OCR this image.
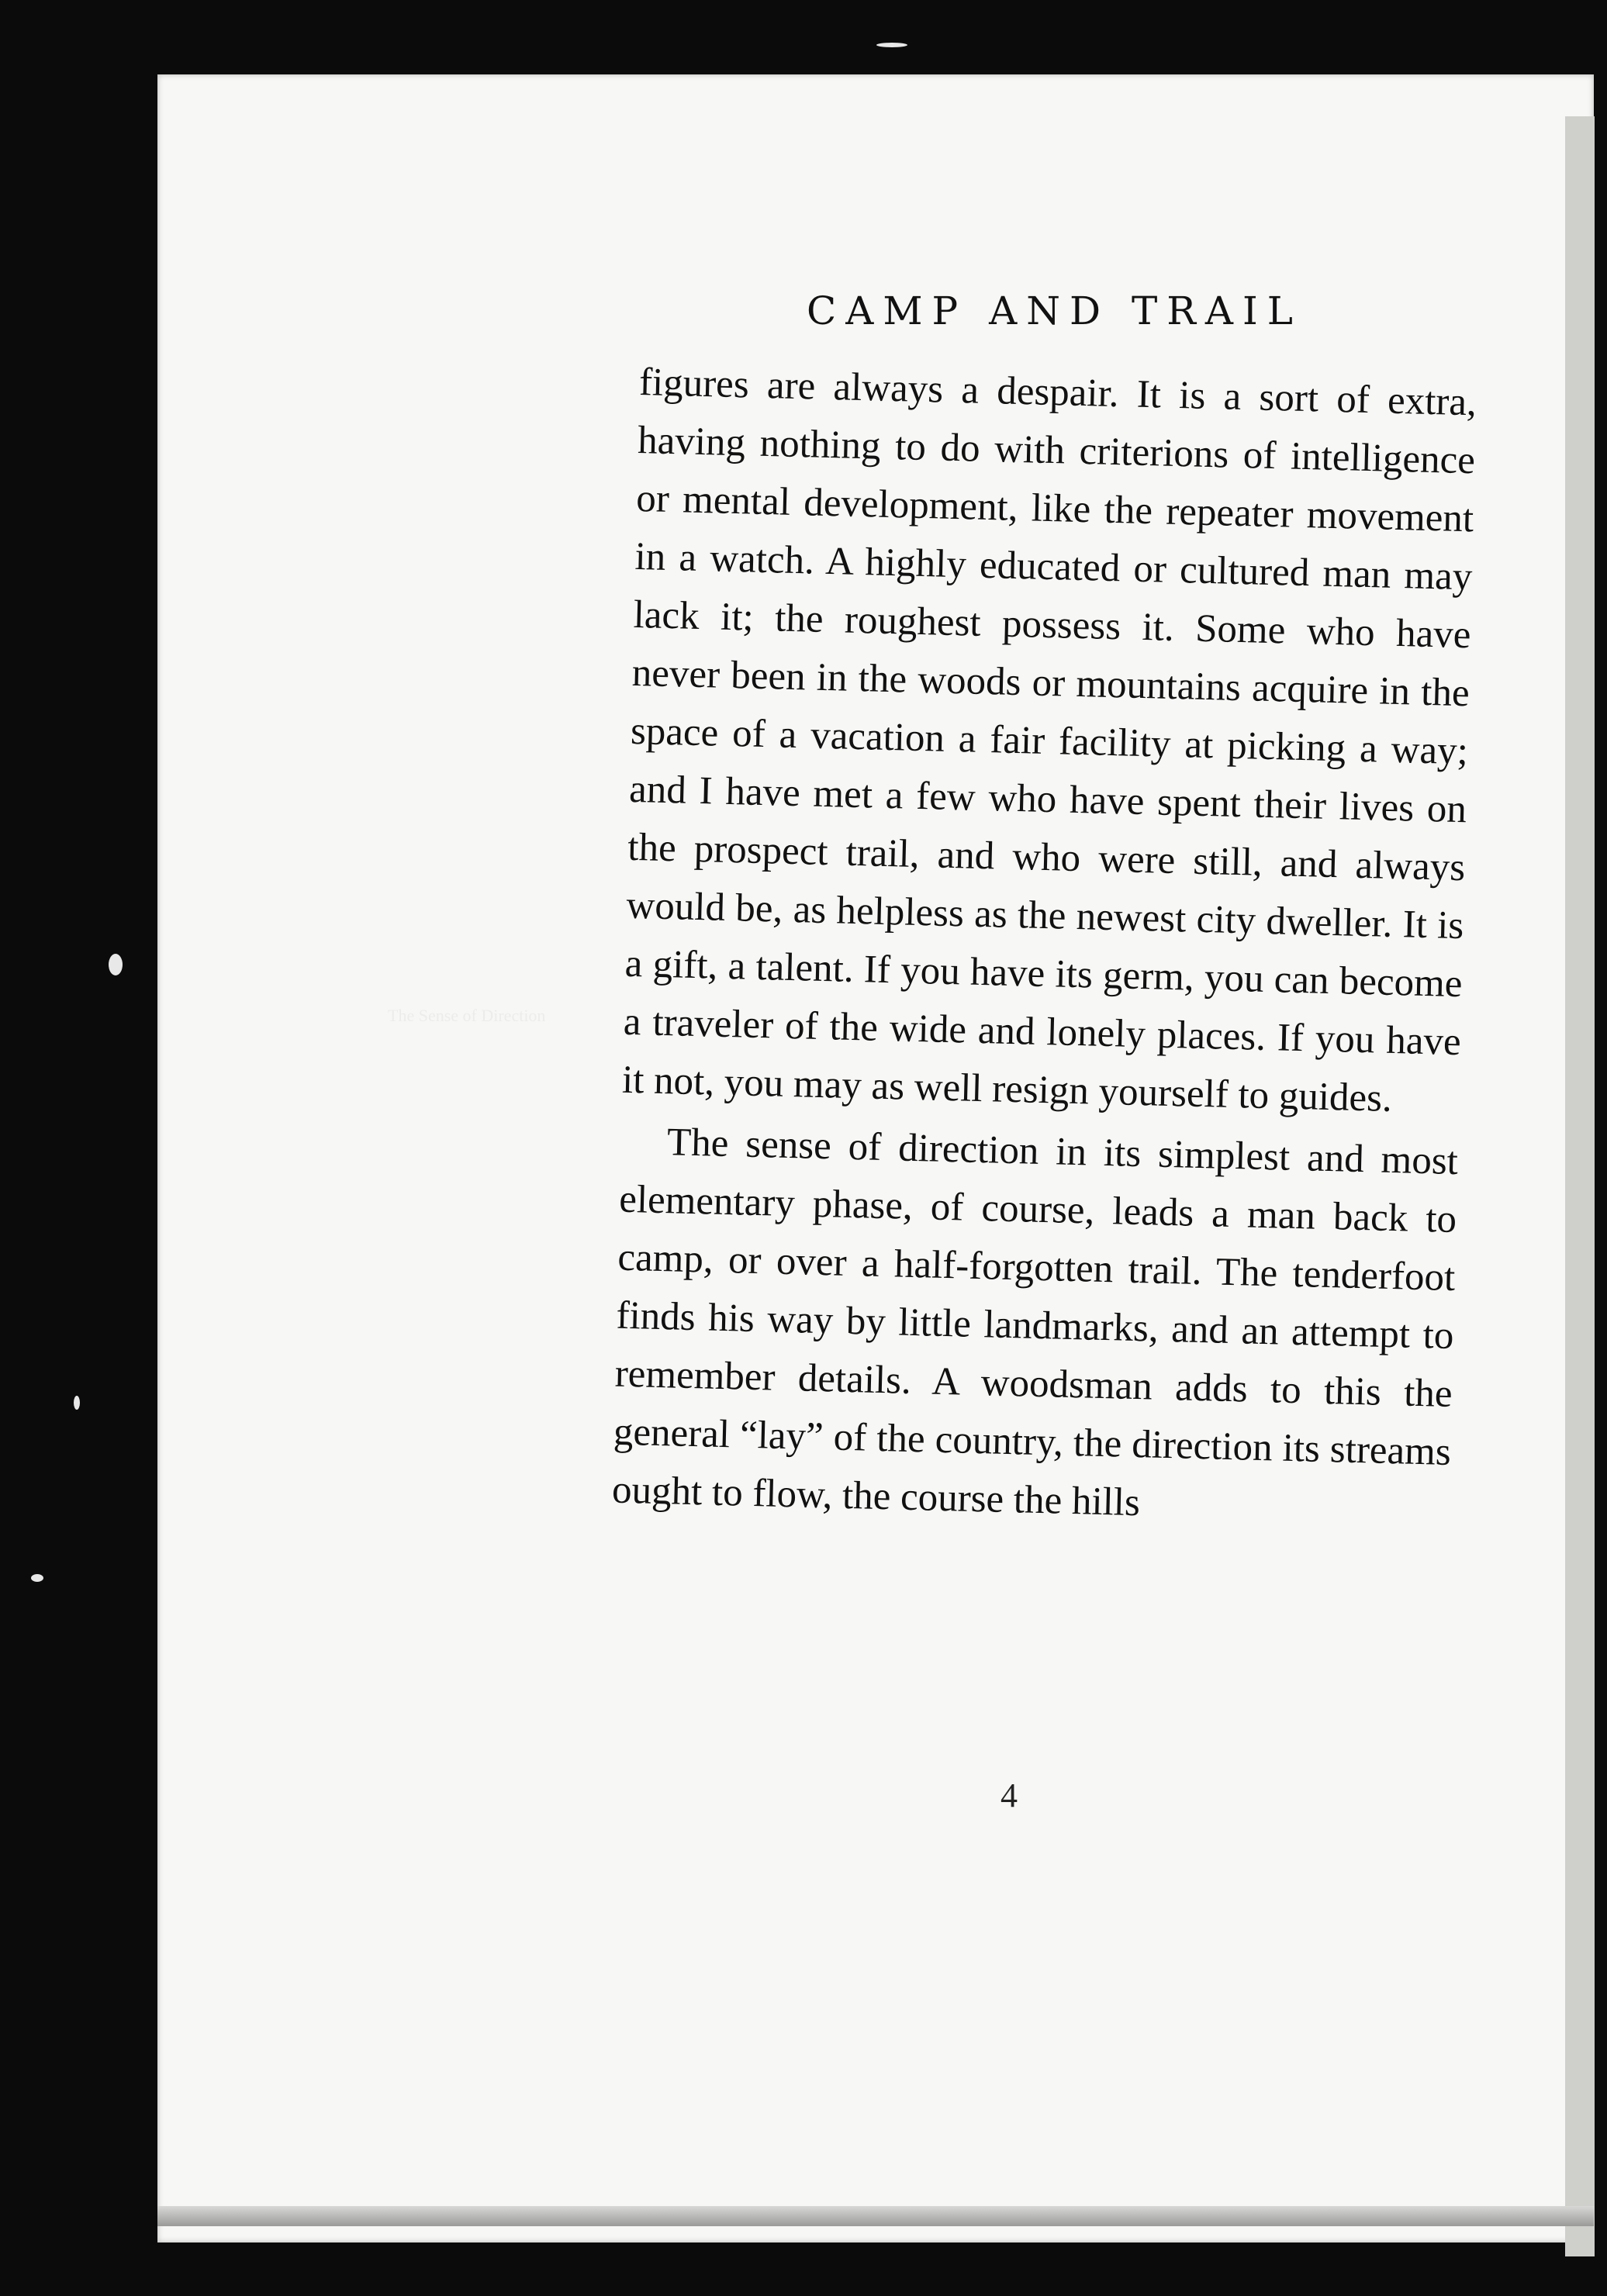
CAMP AND TRAIL
The Sense of Direction

figures are always a despair. It is a sort of extra, having nothing to do with criterions of intelligence or mental development, like the repeater movement in a watch. A highly educated or cultured man may lack it; the roughest possess it. Some who have never been in the woods or mountains acquire in the space of a vacation a fair facility at picking a way; and I have met a few who have spent their lives on the prospect trail, and who were still, and always would be, as helpless as the newest city dweller. It is a gift, a talent. If you have its germ, you can become a traveler of the wide and lonely places. If you have it not, you may as well resign yourself to guides.

The sense of direction in its simplest and most elementary phase, of course, leads a man back to camp, or over a half-forgotten trail. The tenderfoot finds his way by little landmarks, and an attempt to remember details. A woodsman adds to this the general “lay” of the country, the direction its streams ought to flow, the course the hills

4
